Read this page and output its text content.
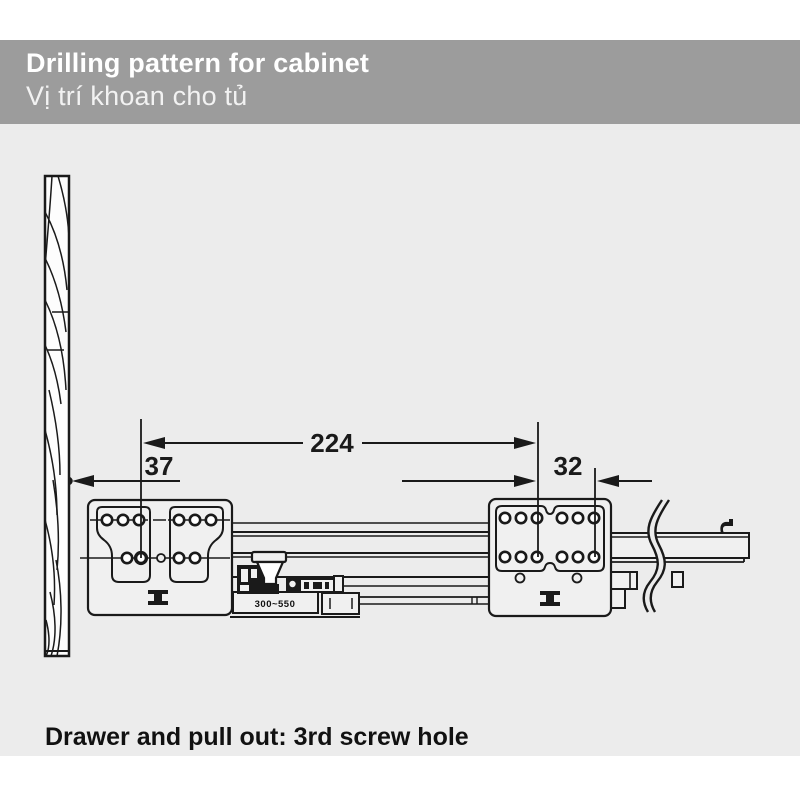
Drilling pattern for cabinet
Vị trí khoan cho tủ
300~550
224
37	32
Drawer and pull out: 3rd screw hole
